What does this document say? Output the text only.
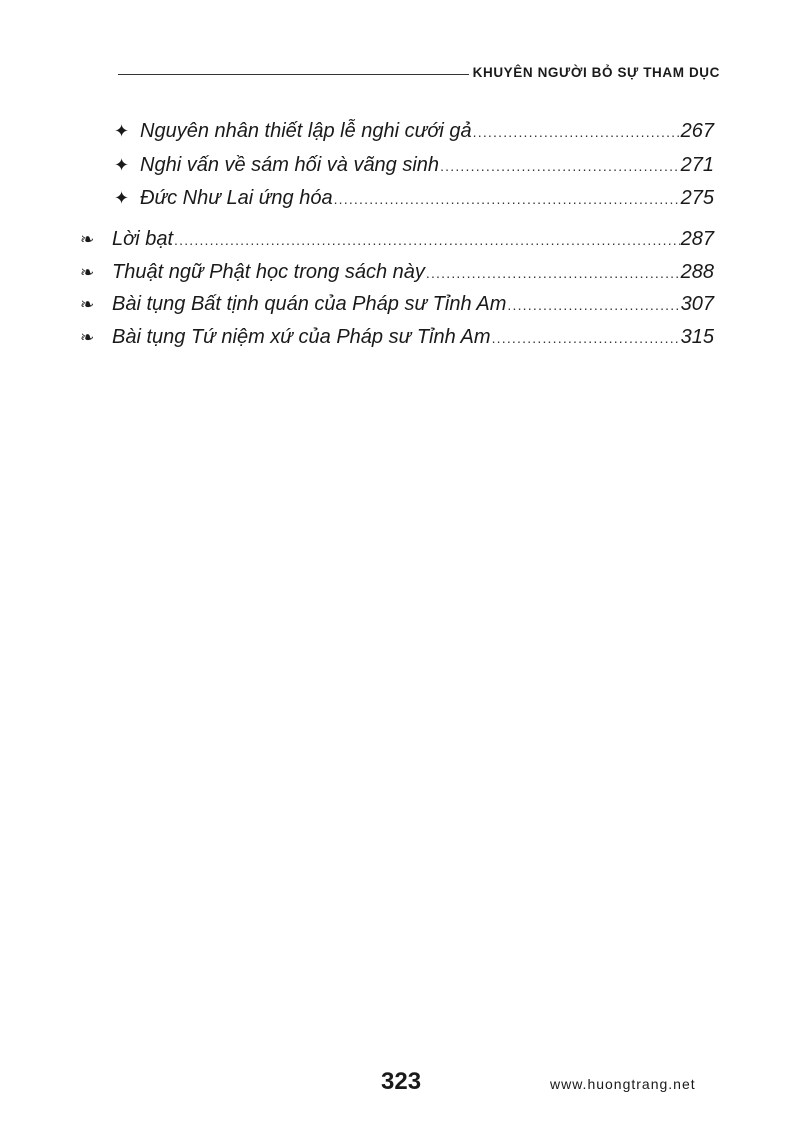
KHUYÊN NGƯỜI BỎ SỰ THAM DỤC
✦ Nguyên nhân thiết lập lễ nghi cưới gả .....	267
✦ Nghi vấn về sám hối và vãng sinh .....	271
✦ Đức Như Lai ứng hóa .....	275
❧ Lời bạt .....	287
❧ Thuật ngữ Phật học trong sách này .....	288
❧ Bài tụng Bất tịnh quán của Pháp sư Tỉnh Am .....	307
❧ Bài tụng Tứ niệm xứ của Pháp sư Tỉnh Am .....	315
323	www.huongtrang.net
